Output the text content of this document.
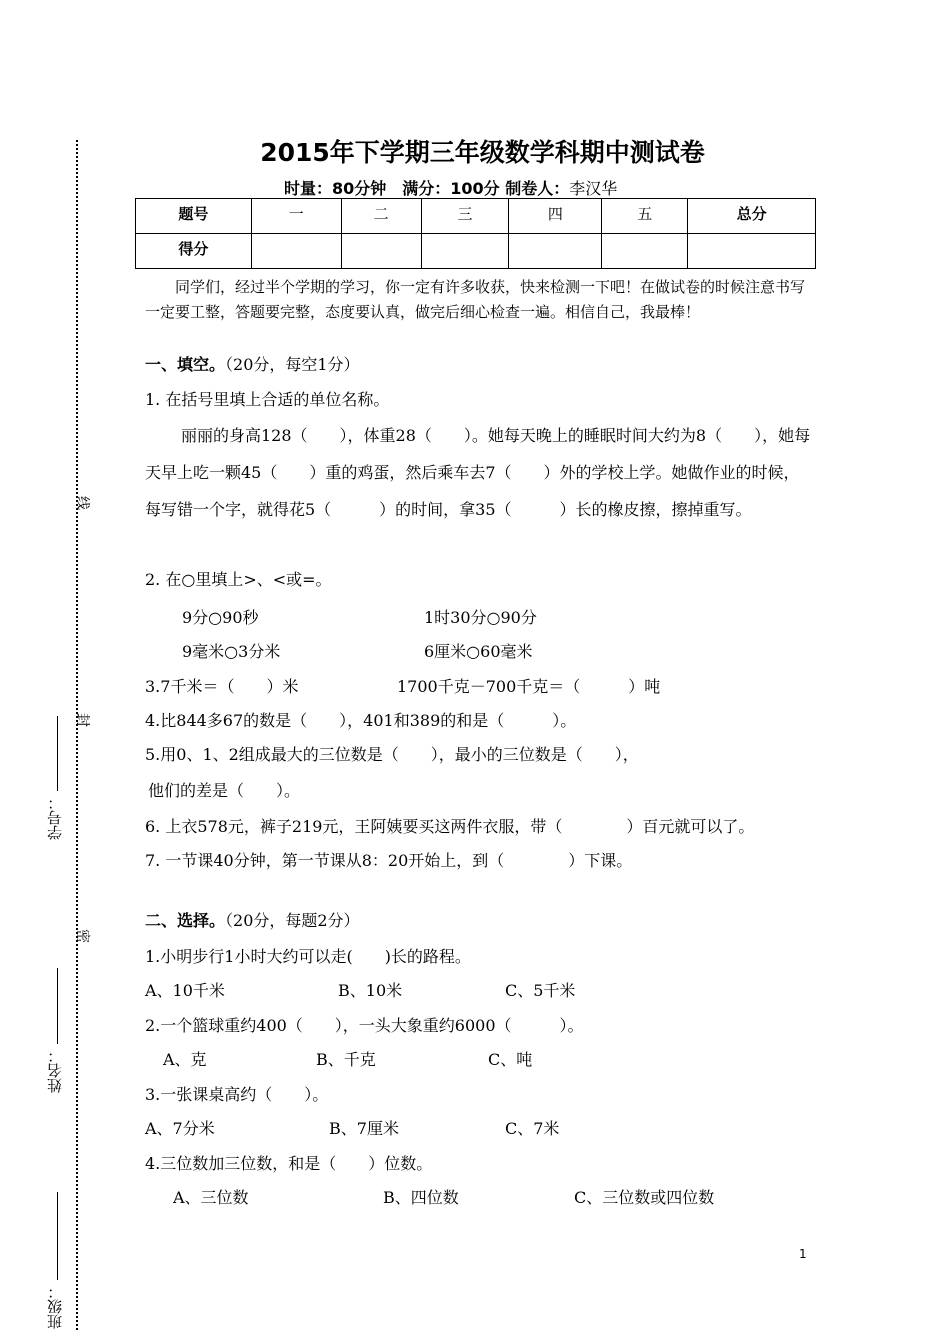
线
封
密
学号：
姓名：
班级：
2015年下学期三年级数学科期中测试卷
时量：80分钟　满分：100分 制卷人：李汉华
题号	一	二	三	四	五	总分
得分						
同学们，经过半个学期的学习，你一定有许多收获，快来检测一下吧！在做试卷的时候注意书写一定要工整，答题要完整，态度要认真，做完后细心检查一遍。相信自己，我最棒！
一、填空。（20分，每空1分）
1. 在括号里填上合适的单位名称。
丽丽的身高128（　　），体重28（　　）。她每天晚上的睡眠时间大约为8（　　），她每天早上吃一颗45（　　）重的鸡蛋，然后乘车去7（　　）外的学校上学。她做作业的时候，每写错一个字，就得花5（　　　）的时间，拿35（　　　）长的橡皮擦，擦掉重写。
2. 在○里填上>、<或=。
9分○90秒	1时30分○90分
9毫米○3分米	6厘米○60毫米
3.7千米＝（　　）米	1700千克－700千克＝（　　　）吨
4.比844多67的数是（　　），401和389的和是（　　　）。
5.用0、1、2组成最大的三位数是（　　），最小的三位数是（　　），
他们的差是（　　）。
6. 上衣578元，裤子219元，王阿姨要买这两件衣服，带（　　　　）百元就可以了。
7. 一节课40分钟，第一节课从8：20开始上，到（　　　　）下课。
二、选择。（20分，每题2分）
1.小明步行1小时大约可以走(　　)长的路程。
A、10千米	B、10米	C、5千米
2.一个篮球重约400（　　），一头大象重约6000（　　　）。
A、克	B、千克	C、吨
3.一张课桌高约（　　）。
A、7分米	B、7厘米	C、7米
4.三位数加三位数，和是（　　）位数。
A、三位数	B、四位数	C、三位数或四位数
1
